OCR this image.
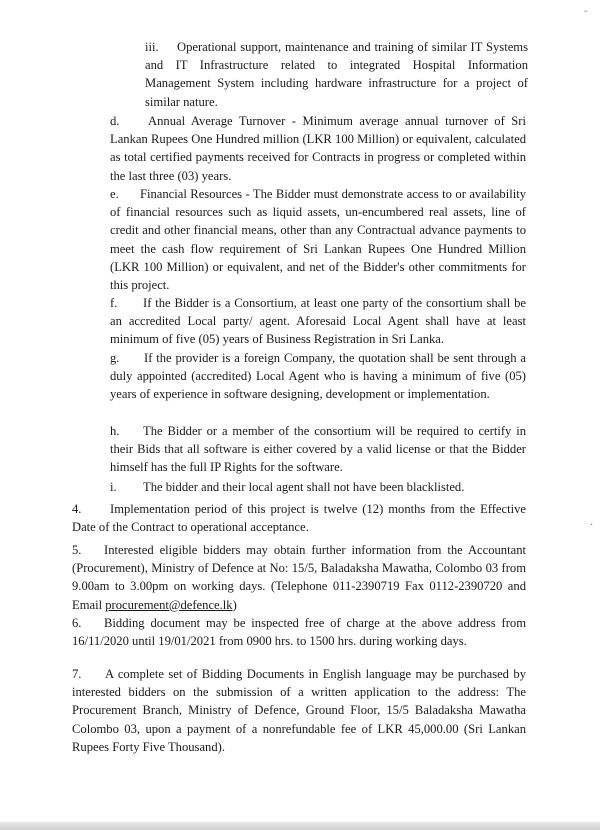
iii. Operational support, maintenance and training of similar IT Systems and IT Infrastructure related to integrated Hospital Information Management System including hardware infrastructure for a project of similar nature.

d. Annual Average Turnover - Minimum average annual turnover of Sri Lankan Rupees One Hundred million (LKR 100 Million) or equivalent, calculated as total certified payments received for Contracts in progress or completed within the last three (03) years.

e. Financial Resources - The Bidder must demonstrate access to or availability of financial resources such as liquid assets, un-encumbered real assets, line of credit and other financial means, other than any Contractual advance payments to meet the cash flow requirement of Sri Lankan Rupees One Hundred Million (LKR 100 Million) or equivalent, and net of the Bidder's other commitments for this project.

f. If the Bidder is a Consortium, at least one party of the consortium shall be an accredited Local party/ agent. Aforesaid Local Agent shall have at least minimum of five (05) years of Business Registration in Sri Lanka.

g. If the provider is a foreign Company, the quotation shall be sent through a duly appointed (accredited) Local Agent who is having a minimum of five (05) years of experience in software designing, development or implementation.

h. The Bidder or a member of the consortium will be required to certify in their Bids that all software is either covered by a valid license or that the Bidder himself has the full IP Rights for the software.

i. The bidder and their local agent shall not have been blacklisted.

4. Implementation period of this project is twelve (12) months from the Effective Date of the Contract to operational acceptance.

5. Interested eligible bidders may obtain further information from the Accountant (Procurement), Ministry of Defence at No: 15/5, Baladaksha Mawatha, Colombo 03 from 9.00am to 3.00pm on working days. (Telephone 011-2390719 Fax 0112-2390720 and Email procurement@defence.lk)

6. Bidding document may be inspected free of charge at the above address from 16/11/2020 until 19/01/2021 from 0900 hrs. to 1500 hrs. during working days.

7. A complete set of Bidding Documents in English language may be purchased by interested bidders on the submission of a written application to the address: The Procurement Branch, Ministry of Defence, Ground Floor, 15/5 Baladaksha Mawatha Colombo 03, upon a payment of a nonrefundable fee of LKR 45,000.00 (Sri Lankan Rupees Forty Five Thousand).

-
·
